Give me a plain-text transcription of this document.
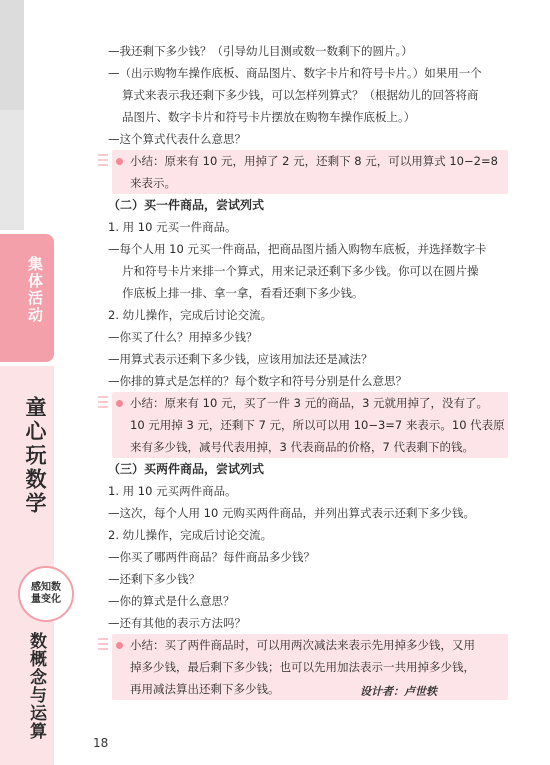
集体活动
童心玩数学
感知数量变化
数概念与运算
—我还剩下多少钱？（引导幼儿目测或数一数剩下的圆片。）
—（出示购物车操作底板、商品图片、数字卡片和符号卡片。）如果用一个
算式来表示我还剩下多少钱，可以怎样列算式？（根据幼儿的回答将商
品图片、数字卡片和符号卡片摆放在购物车操作底板上。）
—这个算式代表什么意思？
小结：原来有 10 元，用掉了 2 元，还剩下 8 元，可以用算式 10−2=8
来表示。
（二）买一件商品，尝试列式
1. 用 10 元买一件商品。
—每个人用 10 元买一件商品，把商品图片插入购物车底板，并选择数字卡
片和符号卡片来排一个算式，用来记录还剩下多少钱。你可以在圆片操
作底板上排一排、拿一拿，看看还剩下多少钱。
2. 幼儿操作，完成后讨论交流。
—你买了什么？用掉多少钱？
—用算式表示还剩下多少钱，应该用加法还是减法？
—你排的算式是怎样的？每个数字和符号分别是什么意思？
小结：原来有 10 元，买了一件 3 元的商品，3 元就用掉了，没有了。
10 元用掉 3 元，还剩下 7 元，所以可以用 10−3=7 来表示。10 代表原
来有多少钱，减号代表用掉，3 代表商品的价格，7 代表剩下的钱。
（三）买两件商品，尝试列式
1. 用 10 元买两件商品。
—这次，每个人用 10 元购买两件商品，并列出算式表示还剩下多少钱。
2. 幼儿操作，完成后讨论交流。
—你买了哪两件商品？每件商品多少钱？
—还剩下多少钱？
—你的算式是什么意思？
—还有其他的表示方法吗？
小结：买了两件商品时，可以用两次减法来表示先用掉多少钱，又用
掉多少钱，最后剩下多少钱；也可以先用加法表示一共用掉多少钱，
再用减法算出还剩下多少钱。	设计者：卢世轶
18
